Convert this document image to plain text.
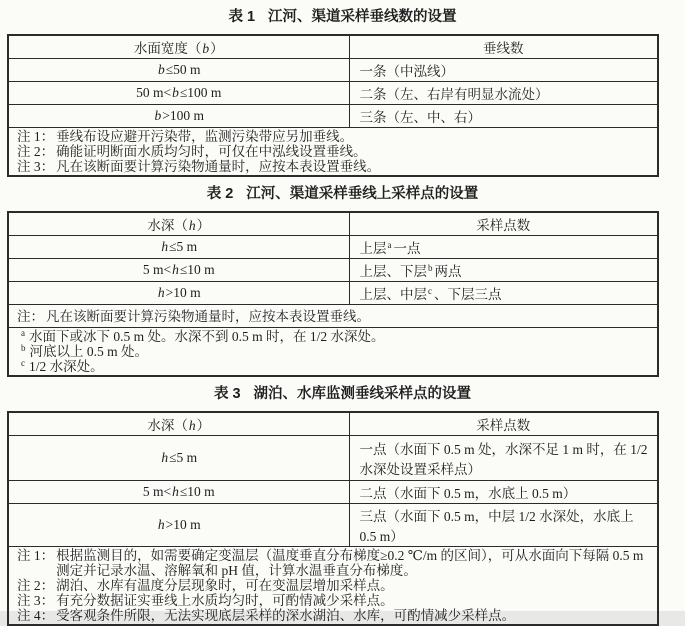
表 1 江河、渠道采样垂线数的设置
水面宽度（b）	垂线数
b≤50 m	一条（中泓线）
50 m<b≤100 m	二条（左、右岸有明显水流处）
b>100 m	三条（左、中、右）

注 1： 垂线布设应避开污染带，监测污染带应另加垂线。
注 2： 确能证明断面水质均匀时，可仅在中泓线设置垂线。
注 3： 凡在该断面要计算污染物通量时，应按本表设置垂线。
表 2 江河、渠道采样垂线上采样点的设置
水深（h）	采样点数
h≤5 m	上层$^a$ 一点
5 m<h≤10 m	上层、下层$^b$ 两点
h>10 m	上层、中层$^c$ 、下层三点

注： 凡在该断面要计算污染物通量时，应按本表设置垂线。	

$^a$ 水面下或冰下 0.5 m 处。水深不到 0.5 m 时，在 1/2 水深处。
$^b$ 河底以上 0.5 m 处。
$^c$ 1/2 水深处。	
表 3 湖泊、水库监测垂线采样点的设置
水深（h）	采样点数
h≤5 m	一点（水面下 0.5 m 处，水深不足 1 m 时，在 1/2 水深处设置采样点）
5 m<h≤10 m	二点（水面下 0.5 m，水底上 0.5 m）
h>10 m	三点（水面下 0.5 m，中层 1/2 水深处，水底上 0.5 m）

注 1： 根据监测目的，如需要确定变温层（温度垂直分布梯度≥0.2 ℃/m 的区间），可从水面向下每隔 0.5 m 测定并记录水温、溶解氧和 pH 值，计算水温垂直分布梯度。
注 2： 湖泊、水库有温度分层现象时，可在变温层增加采样点。
注 3： 有充分数据证实垂线上水质均匀时，可酌情减少采样点。
注 4： 受客观条件所限，无法实现底层采样的深水湖泊、水库，可酌情减少采样点。
